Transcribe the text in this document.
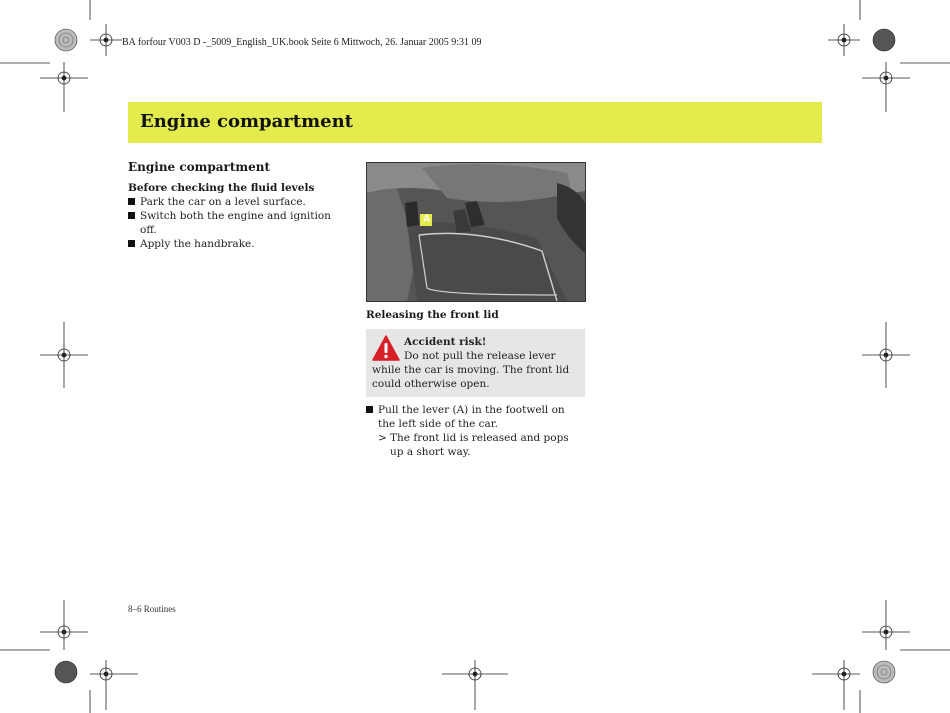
BA forfour V003 D -_5009_English_UK.book Seite 6 Mittwoch, 26. Januar 2005 9:31 09
Engine compartment
Engine compartment
Before checking the fluid levels
Park the car on a level surface.
Switch both the engine and ignition off.
Apply the handbrake.
A
Releasing the front lid
Accident risk!
Do not pull the release lever while the car is moving. The front lid could otherwise open.
Pull the lever (A) in the footwell on the left side of the car.
> The front lid is released and pops up a short way.
8–6 Routines
